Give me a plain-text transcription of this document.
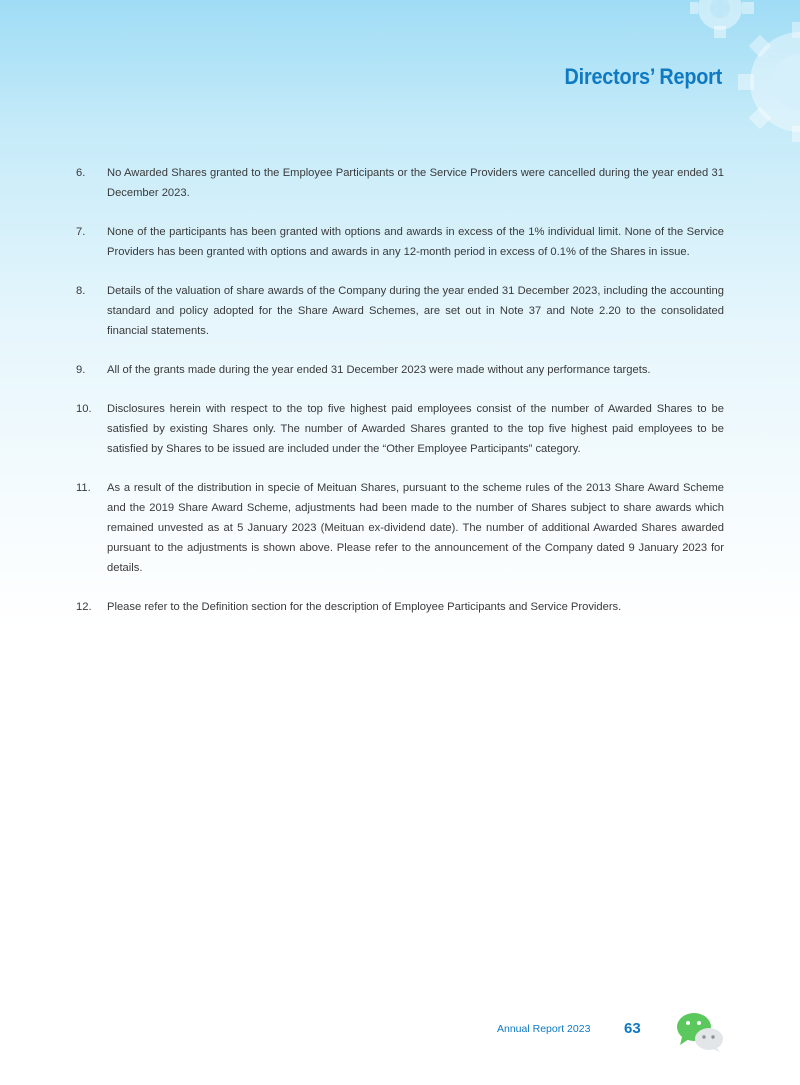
Directors’ Report
6.	No Awarded Shares granted to the Employee Participants or the Service Providers were cancelled during the year ended 31 December 2023.
7.	None of the participants has been granted with options and awards in excess of the 1% individual limit. None of the Service Providers has been granted with options and awards in any 12-month period in excess of 0.1% of the Shares in issue.
8.	Details of the valuation of share awards of the Company during the year ended 31 December 2023, including the accounting standard and policy adopted for the Share Award Schemes, are set out in Note 37 and Note 2.20 to the consolidated financial statements.
9.	All of the grants made during the year ended 31 December 2023 were made without any performance targets.
10.	Disclosures herein with respect to the top five highest paid employees consist of the number of Awarded Shares to be satisfied by existing Shares only. The number of Awarded Shares granted to the top five highest paid employees to be satisfied by Shares to be issued are included under the “Other Employee Participants” category.
11.	As a result of the distribution in specie of Meituan Shares, pursuant to the scheme rules of the 2013 Share Award Scheme and the 2019 Share Award Scheme, adjustments had been made to the number of Shares subject to share awards which remained unvested as at 5 January 2023 (Meituan ex-dividend date). The number of additional Awarded Shares awarded pursuant to the adjustments is shown above. Please refer to the announcement of the Company dated 9 January 2023 for details.
12.	Please refer to the Definition section for the description of Employee Participants and Service Providers.
Annual Report 2023 63
